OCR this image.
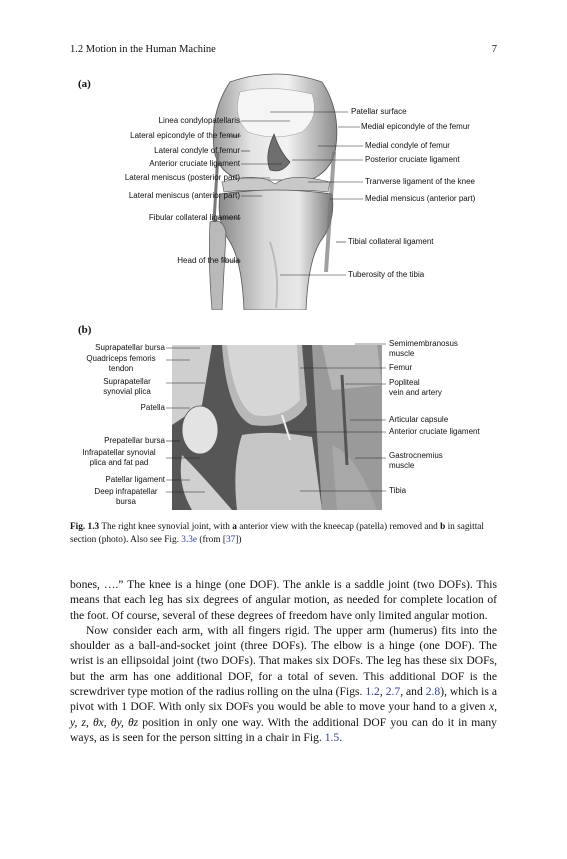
1.2 Motion in the Human Machine	7
(a)
Linea condylopatellaris
Lateral epicondyle of the femur
Lateral condyle of femur
Anterior cruciate ligament
Lateral meniscus (posterior part)
Lateral meniscus (anterior part)
Fibular collateral ligament
Head of the fibula
Patellar surface
Medial epicondyle of the femur
Medial condyle of femur
Posterior cruciate ligament
Tranverse ligament of the knee
Medial mensicus (anterior part)
Tibial collateral ligament
Tuberosity of the tibia
(b)
Suprapatellar bursa
Quadriceps femoris
tendon
Suprapatellar
synovial plica
Patella
Prepatellar bursa
Infrapatellar synovial
plica and fat pad
Patellar ligament
Deep infrapatellar
bursa
Semimembranosus
muscle
Femur
Popliteal
vein and artery
Articular capsule
Anterior cruciate ligament
Gastrocnemius
muscle
Tibia
Fig. 1.3 The right knee synovial joint, with a anterior view with the kneecap (patella) removed and b in sagittal section (photo). Also see Fig. 3.3e (from [37])

bones, ….” The knee is a hinge (one DOF). The ankle is a saddle joint (two DOFs). This means that each leg has six degrees of angular motion, as needed for complete location of the foot. Of course, several of these degrees of freedom have only limited angular motion.

Now consider each arm, with all fingers rigid. The upper arm (humerus) fits into the shoulder as a ball-and-socket joint (three DOFs). The elbow is a hinge (one DOF). The wrist is an ellipsoidal joint (two DOFs). That makes six DOFs. The leg has these six DOFs, but the arm has one additional DOF, for a total of seven. This additional DOF is the screwdriver type motion of the radius rolling on the ulna (Figs. 1.2, 2.7, and 2.8), which is a pivot with 1 DOF. With only six DOFs you would be able to move your hand to a given x, y, z, θx, θy, θz position in only one way. With the additional DOF you can do it in many ways, as is seen for the person sitting in a chair in Fig. 1.5.
